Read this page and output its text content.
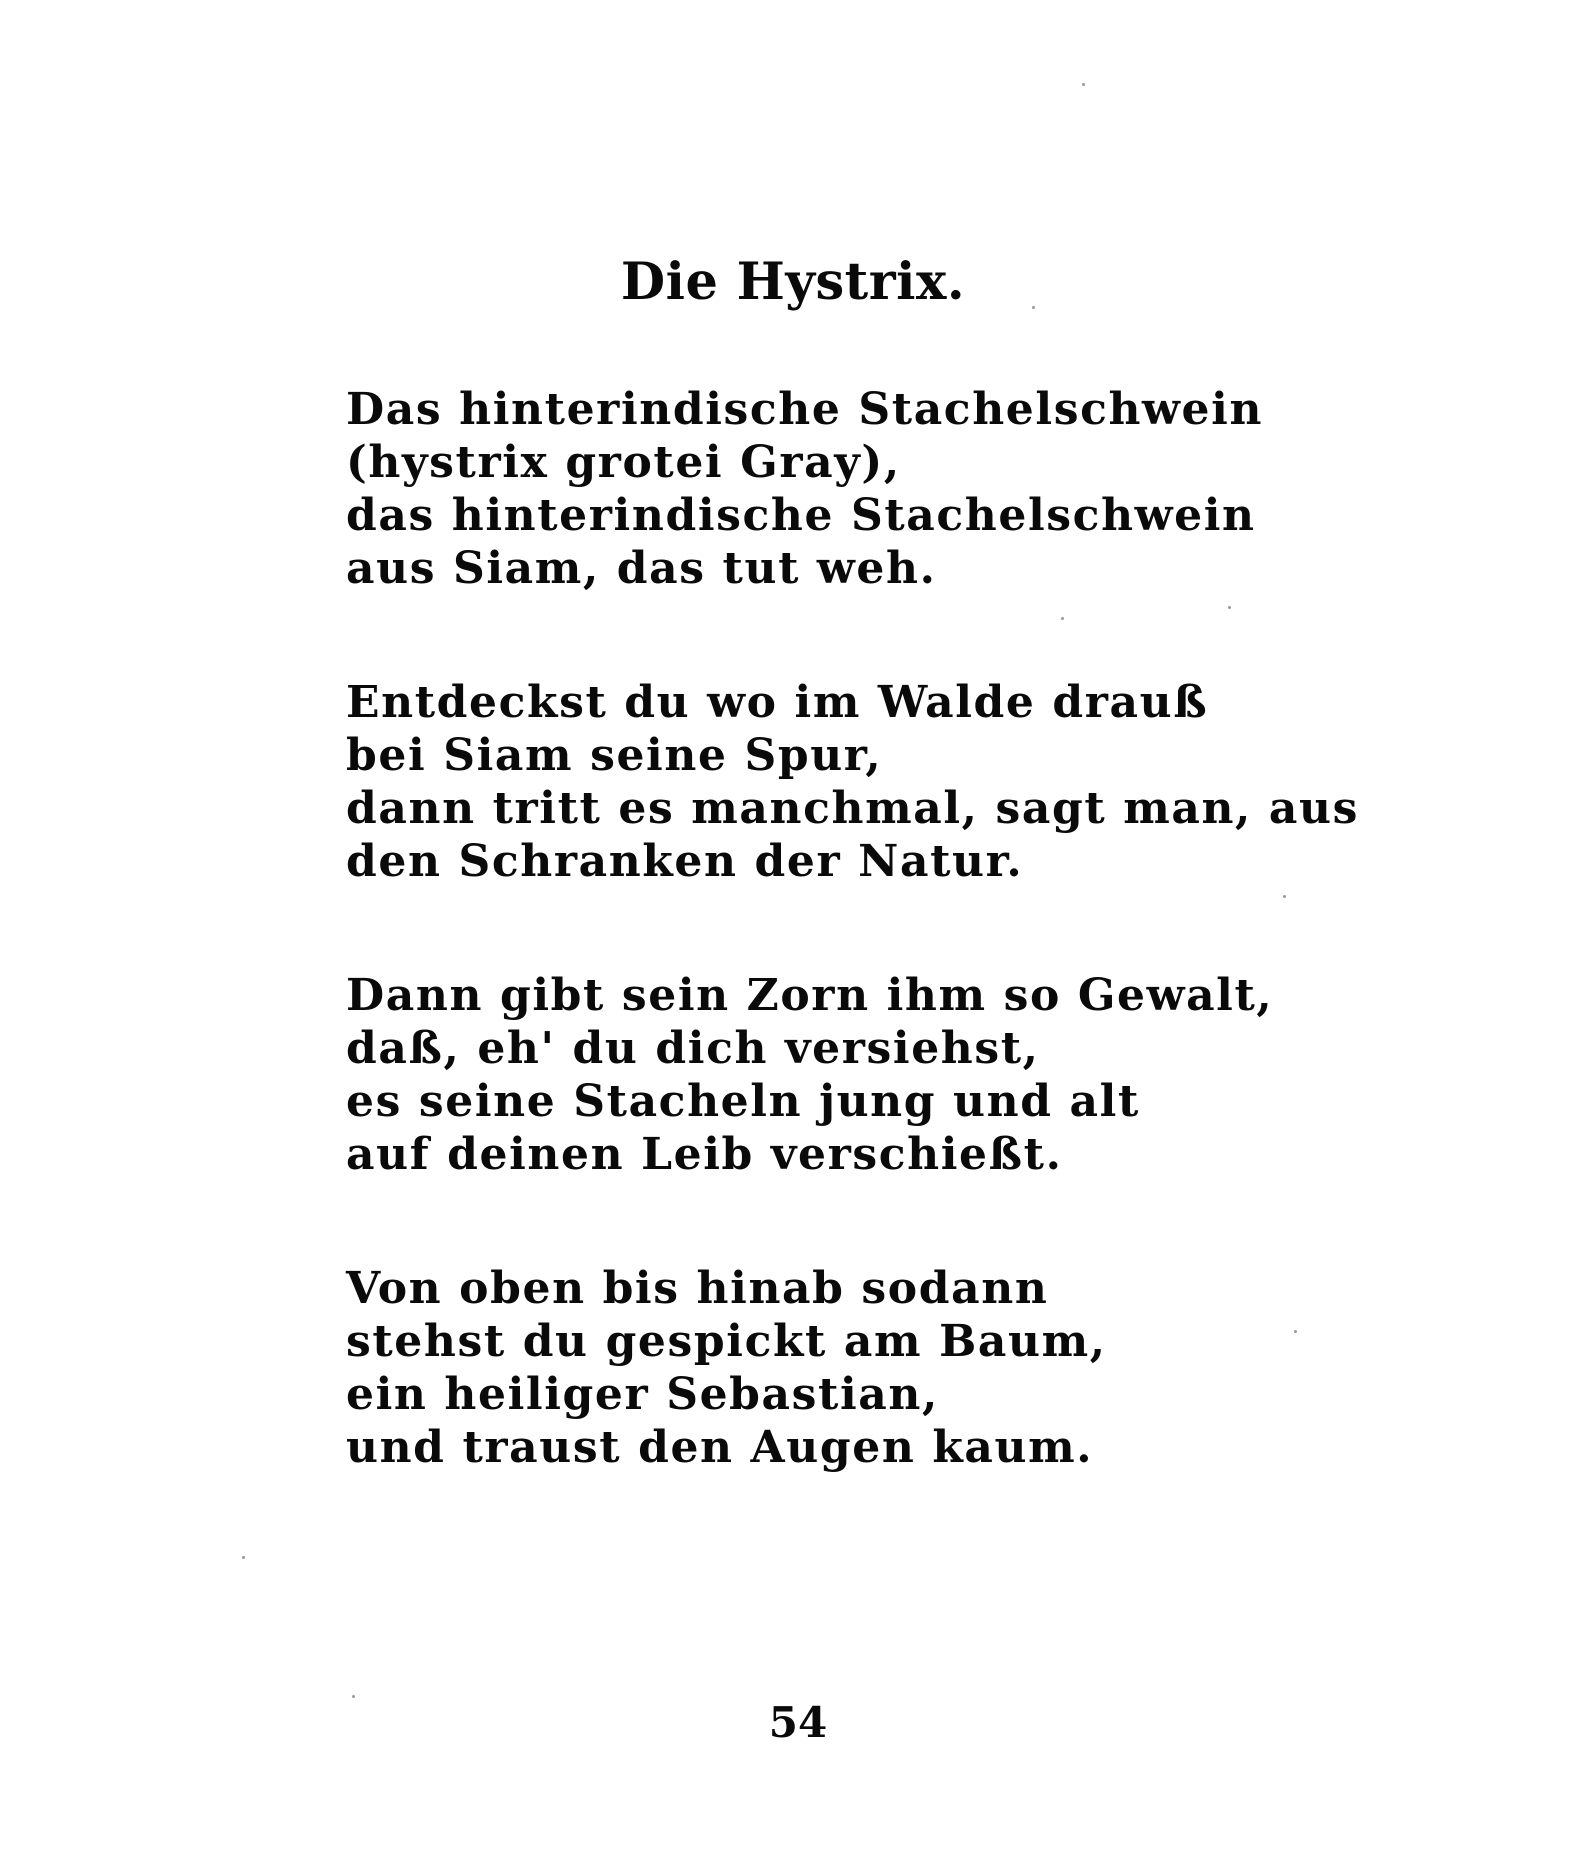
Die Hystrix.
Das hinterindische Stachelschwein
(hystrix grotei Gray),
das hinterindische Stachelschwein
aus Siam, das tut weh.
Entdeckst du wo im Walde drauß
bei Siam seine Spur,
dann tritt es manchmal, sagt man, aus
den Schranken der Natur.
Dann gibt sein Zorn ihm so Gewalt,
daß, eh' du dich versiehst,
es seine Stacheln jung und alt
auf deinen Leib verschießt.
Von oben bis hinab sodann
stehst du gespickt am Baum,
ein heiliger Sebastian,
und traust den Augen kaum.
54
